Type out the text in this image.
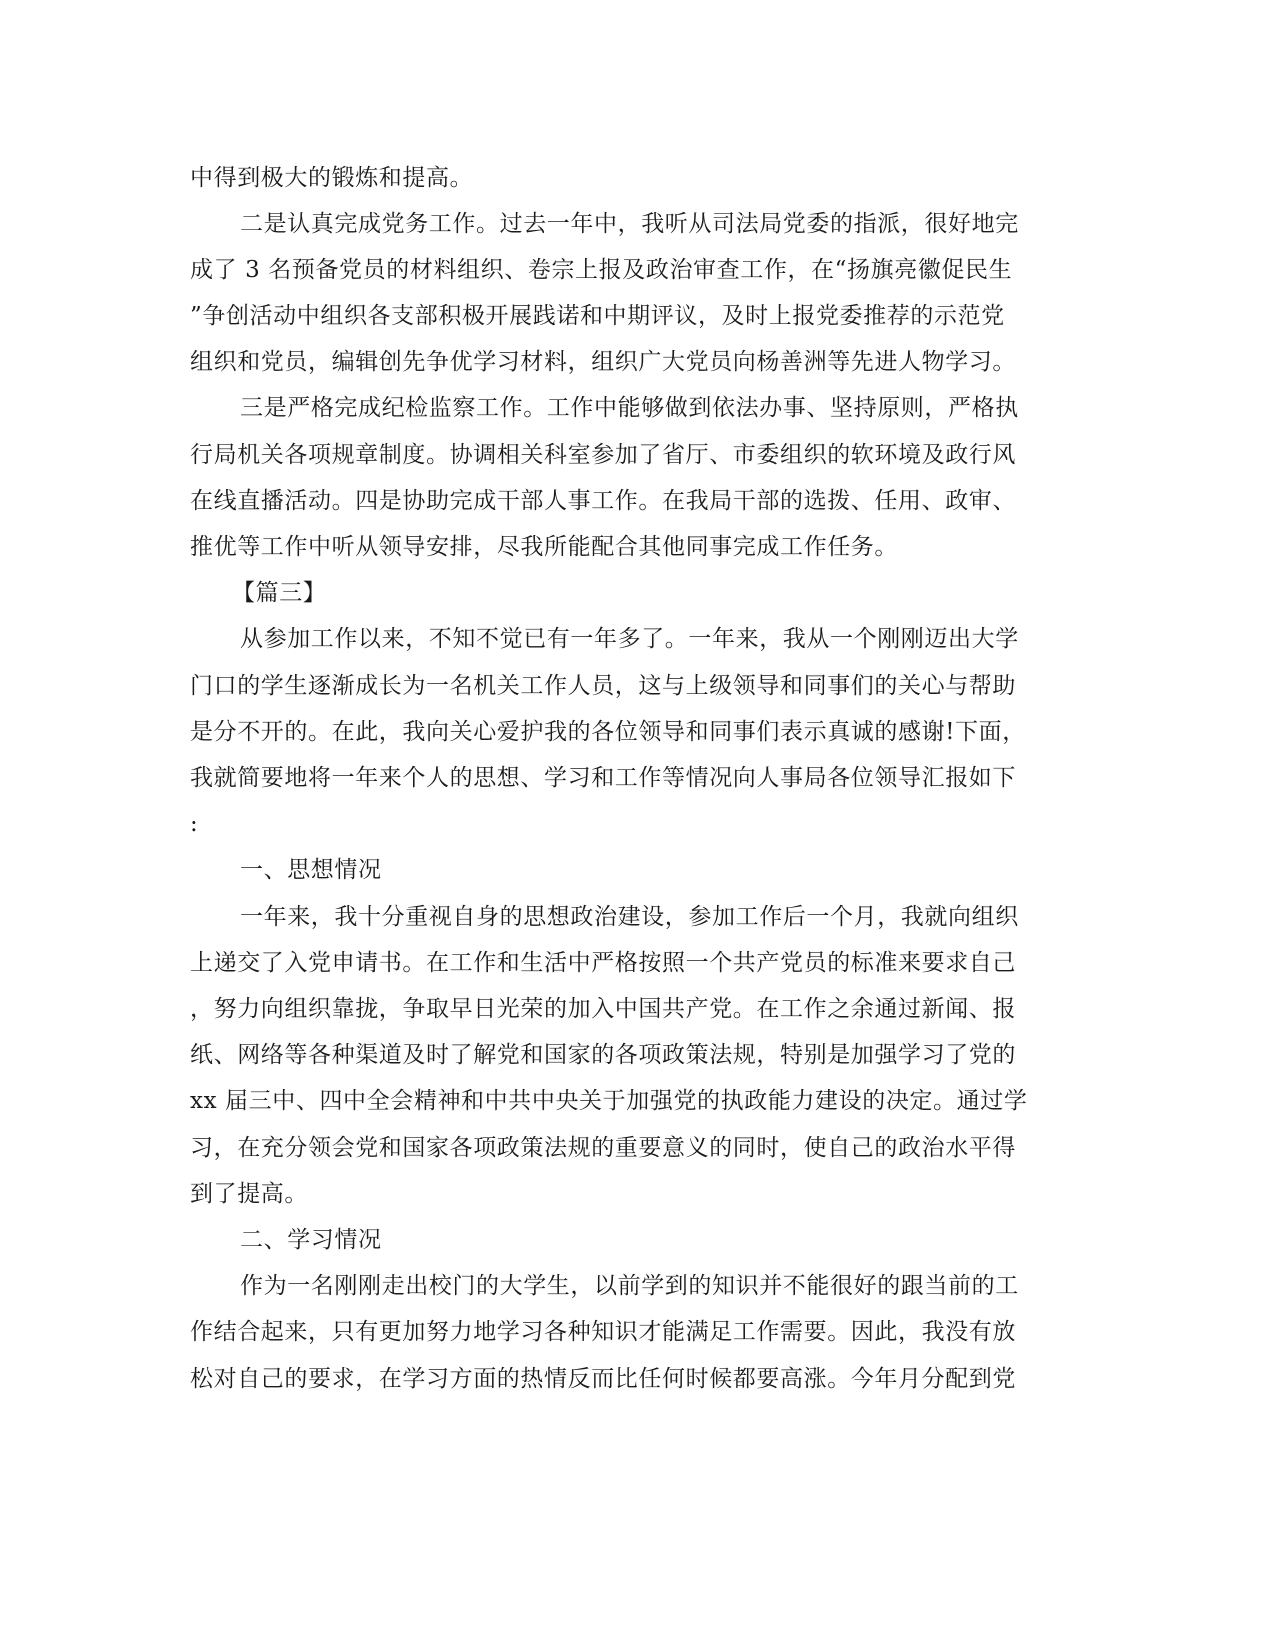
中得到极大的锻炼和提高。
二是认真完成党务工作。过去一年中，我听从司法局党委的指派，很好地完
成了 3 名预备党员的材料组织、卷宗上报及政治审查工作，在“扬旗亮徽促民生
”争创活动中组织各支部积极开展践诺和中期评议，及时上报党委推荐的示范党
组织和党员，编辑创先争优学习材料，组织广大党员向杨善洲等先进人物学习。
三是严格完成纪检监察工作。工作中能够做到依法办事、坚持原则，严格执
行局机关各项规章制度。协调相关科室参加了省厅、市委组织的软环境及政行风
在线直播活动。四是协助完成干部人事工作。在我局干部的选拨、任用、政审、
推优等工作中听从领导安排，尽我所能配合其他同事完成工作任务。
【篇三】
从参加工作以来，不知不觉已有一年多了。一年来，我从一个刚刚迈出大学
门口的学生逐渐成长为一名机关工作人员，这与上级领导和同事们的关心与帮助
是分不开的。在此，我向关心爱护我的各位领导和同事们表示真诚的感谢!下面，
我就简要地将一年来个人的思想、学习和工作等情况向人事局各位领导汇报如下
:
一、思想情况
一年来，我十分重视自身的思想政治建设，参加工作后一个月，我就向组织
上递交了入党申请书。在工作和生活中严格按照一个共产党员的标准来要求自己
，努力向组织靠拢，争取早日光荣的加入中国共产党。在工作之余通过新闻、报
纸、网络等各种渠道及时了解党和国家的各项政策法规，特别是加强学习了党的
xx 届三中、四中全会精神和中共中央关于加强党的执政能力建设的决定。通过学
习，在充分领会党和国家各项政策法规的重要意义的同时，使自己的政治水平得
到了提高。
二、学习情况
作为一名刚刚走出校门的大学生，以前学到的知识并不能很好的跟当前的工
作结合起来，只有更加努力地学习各种知识才能满足工作需要。因此，我没有放
松对自己的要求，在学习方面的热情反而比任何时候都要高涨。今年月分配到党
